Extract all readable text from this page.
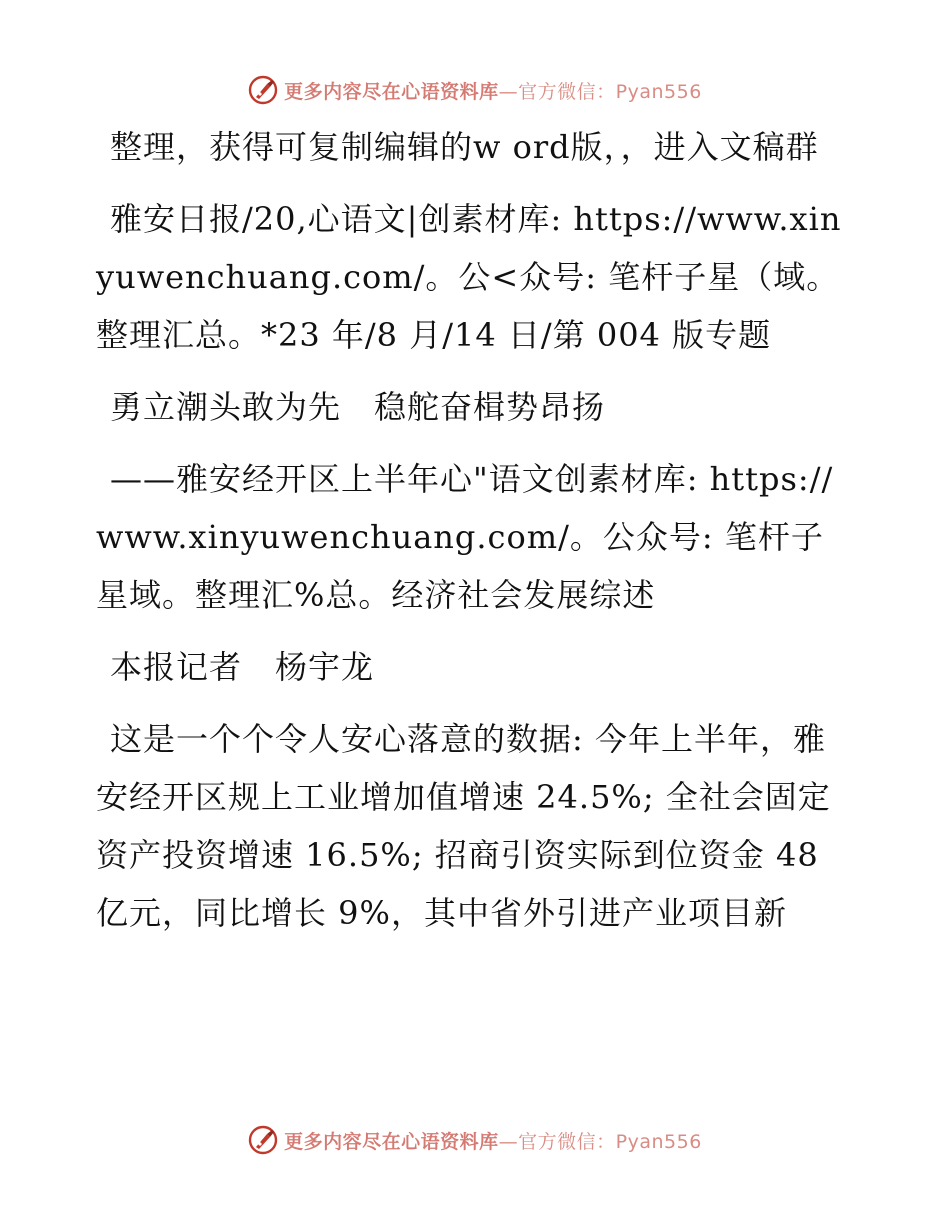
更多内容尽在心语资料库—官方微信：Pyan556

整理，获得可复制编辑的w ord版，，进入文稿群

雅安日报/20,心语文|创素材库: https://www.xinyuwenchuang.com/。公<众号: 笔杆子星（域。整理汇总。*23 年/8 月/14 日/第 004 版专题

勇立潮头敢为先　稳舵奋楫势昂扬

——雅安经开区上半年心"语文创素材库: https://www.xinyuwenchuang.com/。公众号: 笔杆子星域。整理汇%总。经济社会发展综述

本报记者　杨宇龙

这是一个个令人安心落意的数据: 今年上半年，雅安经开区规上工业增加值增速 24.5%; 全社会固定资产投资增速 16.5%; 招商引资实际到位资金 48 亿元，同比增长 9%，其中省外引进产业项目新

更多内容尽在心语资料库—官方微信：Pyan556
